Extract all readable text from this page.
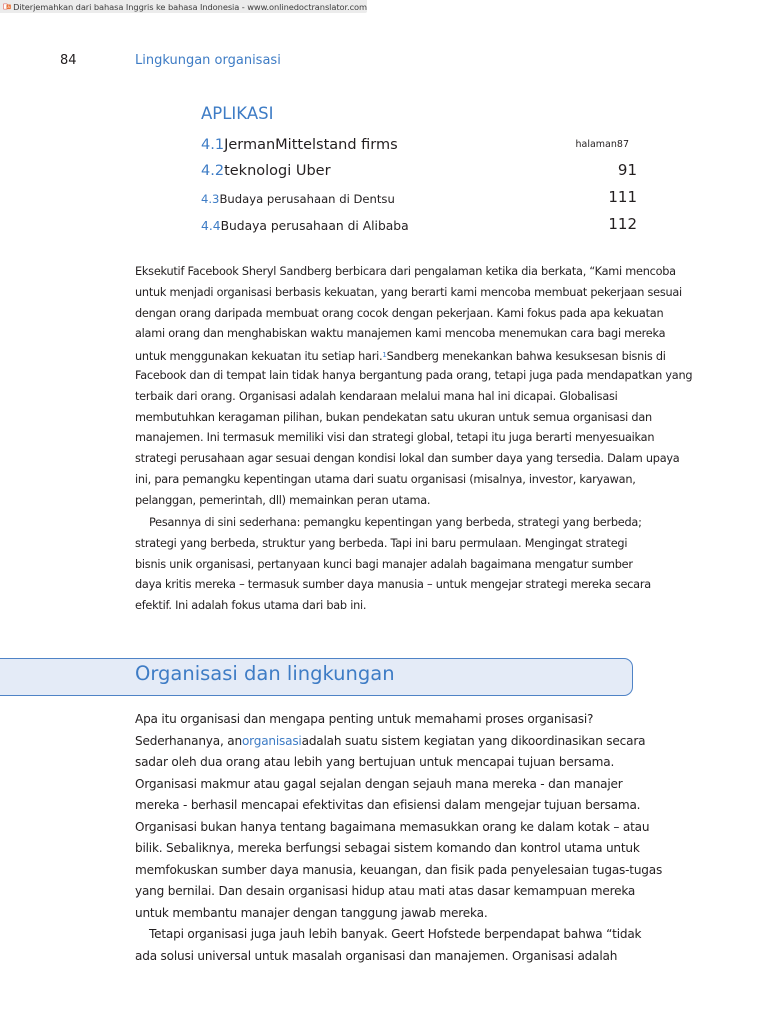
A Diterjemahkan dari bahasa Inggris ke bahasa Indonesia - www.onlinedoctranslator.com
84	Lingkungan organisasi
APLIKASI
4.1JermanMittelstand firms	halaman87
4.2teknologi Uber	91
4.3Budaya perusahaan di Dentsu	111
4.4Budaya perusahaan di Alibaba	112
Eksekutif Facebook Sheryl Sandberg berbicara dari pengalaman ketika dia berkata, “Kami mencoba
untuk menjadi organisasi berbasis kekuatan, yang berarti kami mencoba membuat pekerjaan sesuai
dengan orang daripada membuat orang cocok dengan pekerjaan. Kami fokus pada apa kekuatan
alami orang dan menghabiskan waktu manajemen kami mencoba menemukan cara bagi mereka
untuk menggunakan kekuatan itu setiap hari.$^1$Sandberg menekankan bahwa kesuksesan bisnis di
Facebook dan di tempat lain tidak hanya bergantung pada orang, tetapi juga pada mendapatkan yang
terbaik dari orang. Organisasi adalah kendaraan melalui mana hal ini dicapai. Globalisasi
membutuhkan keragaman pilihan, bukan pendekatan satu ukuran untuk semua organisasi dan
manajemen. Ini termasuk memiliki visi dan strategi global, tetapi itu juga berarti menyesuaikan
strategi perusahaan agar sesuai dengan kondisi lokal dan sumber daya yang tersedia. Dalam upaya
ini, para pemangku kepentingan utama dari suatu organisasi (misalnya, investor, karyawan,
pelanggan, pemerintah, dll) memainkan peran utama.
Pesannya di sini sederhana: pemangku kepentingan yang berbeda, strategi yang berbeda;
strategi yang berbeda, struktur yang berbeda. Tapi ini baru permulaan. Mengingat strategi
bisnis unik organisasi, pertanyaan kunci bagi manajer adalah bagaimana mengatur sumber
daya kritis mereka – termasuk sumber daya manusia – untuk mengejar strategi mereka secara
efektif. Ini adalah fokus utama dari bab ini.
Organisasi dan lingkungan
Apa itu organisasi dan mengapa penting untuk memahami proses organisasi?
Sederhananya, anorganisasiadalah suatu sistem kegiatan yang dikoordinasikan secara
sadar oleh dua orang atau lebih yang bertujuan untuk mencapai tujuan bersama.
Organisasi makmur atau gagal sejalan dengan sejauh mana mereka - dan manajer
mereka - berhasil mencapai efektivitas dan efisiensi dalam mengejar tujuan bersama.
Organisasi bukan hanya tentang bagaimana memasukkan orang ke dalam kotak – atau
bilik. Sebaliknya, mereka berfungsi sebagai sistem komando dan kontrol utama untuk
memfokuskan sumber daya manusia, keuangan, dan fisik pada penyelesaian tugas-tugas
yang bernilai. Dan desain organisasi hidup atau mati atas dasar kemampuan mereka
untuk membantu manajer dengan tanggung jawab mereka.
Tetapi organisasi juga jauh lebih banyak. Geert Hofstede berpendapat bahwa “tidak
ada solusi universal untuk masalah organisasi dan manajemen. Organisasi adalah
